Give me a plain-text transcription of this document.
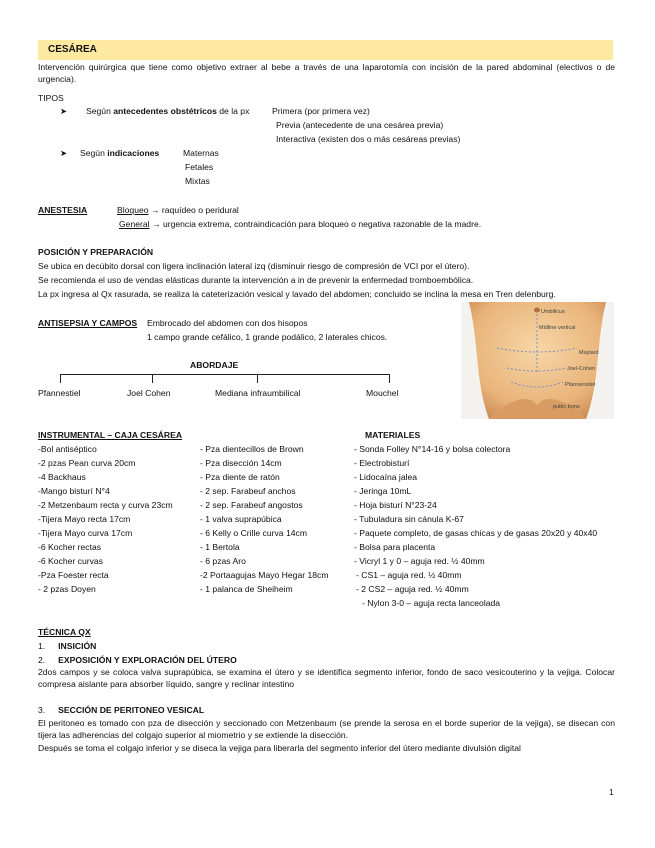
CESÁREA
Intervención quirúrgica que tiene como objetivo extraer al bebe a través de una laparotomía con incisión de la pared abdominal (electivos o de urgencia).
TIPOS
➤ Según antecedentes obstétricos de la px	Primera (por primera vez)
Previa (antecedente de una cesárea previa)
Interactiva (existen dos o más cesáreas previas)
➤ Según indicaciones	Maternas
Fetales
Mixtas
ANESTESIA	Bloqueo → raquídeo o peridural
General → urgencia extrema, contraindicación para bloqueo o negativa razonable de la madre.
POSICIÓN Y PREPARACIÓN
Se ubica en decúbito dorsal con ligera inclinación lateral izq (disminuir riesgo de compresión de VCI por el útero).
Se recomienda el uso de vendas elásticas durante la intervención a in de prevenir la enfermedad tromboembólica.
La px ingresa al Qx rasurada, se realiza la cateterización vesical y lavado del abdomen; concluido se inclina la mesa en Tren delenburg.
ANTISEPSIA Y CAMPOS Embrocado del abdomen con dos hisopos
1 campo grande cefálico, 1 grande podálico, 2 laterales chicos.
ABORDAJE
Pfannestiel	Joel Cohen	Mediana infraumbilical	Mouchel
Umbilicus
Midline vertical
Maylard
Joel-Cohen
Pfannenstiel
pubic bone
INSTRUMENTAL – CAJA CESÁREA	MATERIALES
-Bol antiséptico
-2 pzas Pean curva 20cm
-4 Backhaus
-Mango bisturí N°4
-2 Metzenbaum recta y curva 23cm
-Tijera Mayo recta 17cm
-Tijera Mayo curva 17cm
-6 Kocher rectas
-6 Kocher curvas
-Pza Foester recta
- 2 pzas Doyen
- Pza dientecillos de Brown
- Pza disección 14cm
- Pza diente de ratón
- 2 sep. Farabeuf anchos
- 2 sep. Farabeuf angostos
- 1 valva suprapúbica
- 6 Kelly o Crille curva 14cm
- 1 Bertola
- 6 pzas Aro
-2 Portaagujas Mayo Hegar 18cm
- 1 palanca de Sheiheim
- Sonda Folley N°14-16 y bolsa colectora
- Electrobisturí
- Lidocaína jalea
- Jeringa 10mL
- Hoja bisturí N°23-24
- Tubuladura sin cánula K-67
- Paquete completo, de gasas chicas y de gasas 20x20 y 40x40
- Bolsa para placenta
- Vicryl 1 y 0 – aguja red. ½ 40mm
- CS1 – aguja red. ½ 40mm
- 2 CS2 – aguja red. ½ 40mm
- Nylon 3-0 – aguja recta lanceolada
TÉCNICA QX
1. INSICIÓN
2. EXPOSICIÓN Y EXPLORACIÓN DEL ÚTERO
2dos campos y se coloca valva suprapúbica, se examina el útero y se identifica segmento inferior, fondo de saco vesicouterino y la vejiga. Colocar compresa aislante para absorber líquido, sangre y reclinar intestino
3. SECCIÓN DE PERITONEO VESICAL
El peritoneo es tomado con pza de disección y seccionado con Metzenbaum (se prende la serosa en el borde superior de la vejiga), se disecan con tijera las adherencias del colgajo superior al miometrio y se extiende la disección.
Después se toma el colgajo inferior y se diseca la vejiga para liberarla del segmento inferior del útero mediante divulsión digital
1
